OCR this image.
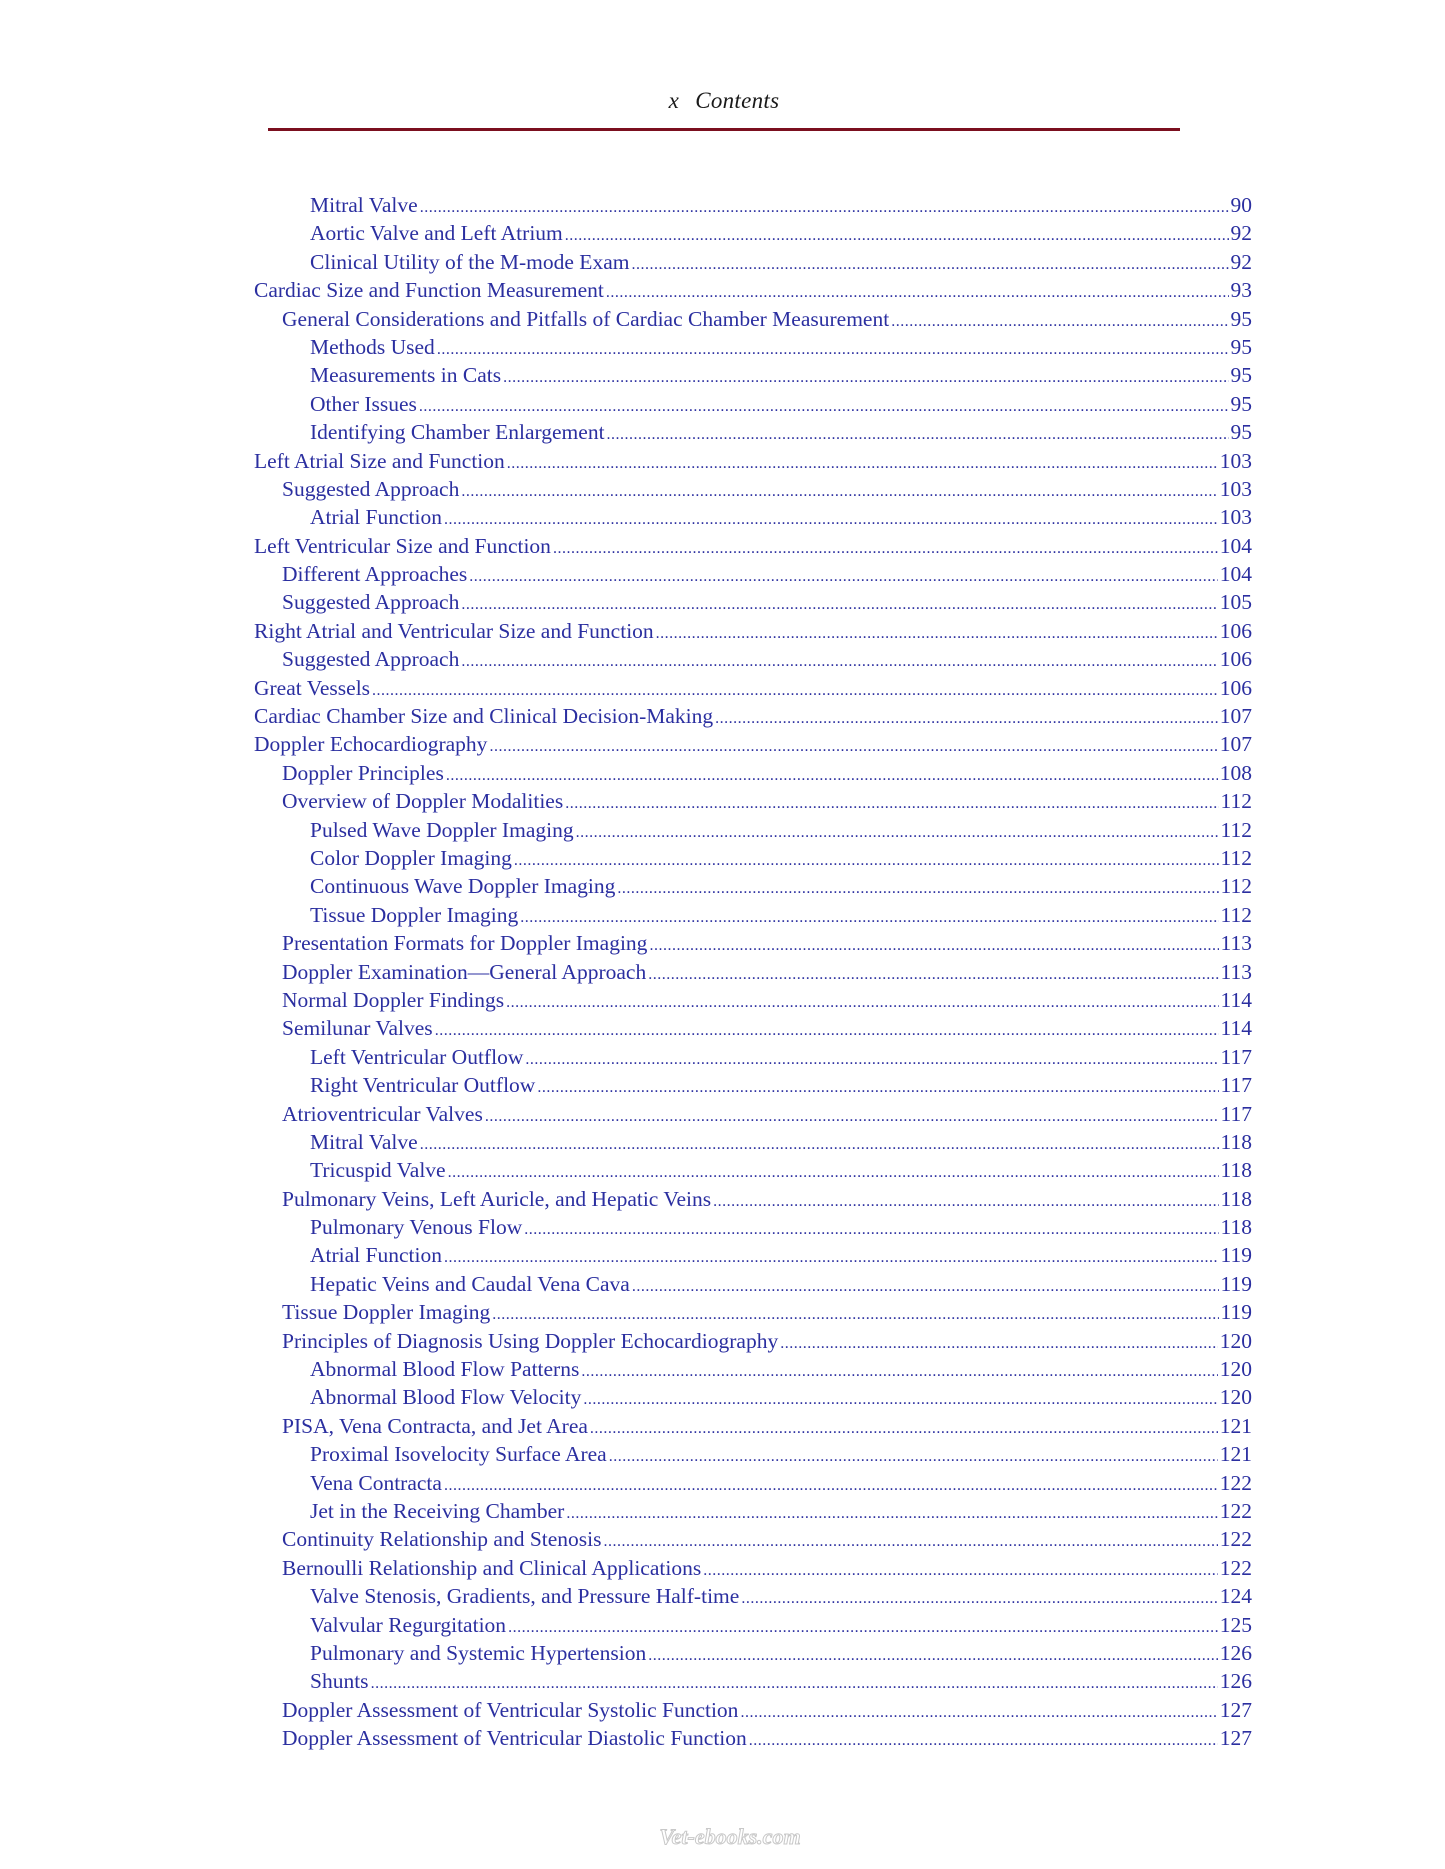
x Contents
Mitral Valve .....	90
Aortic Valve and Left Atrium .....	92
Clinical Utility of the M-mode Exam .....	92
Cardiac Size and Function Measurement .....	93
General Considerations and Pitfalls of Cardiac Chamber Measurement .....	95
Methods Used .....	95
Measurements in Cats .....	95
Other Issues .....	95
Identifying Chamber Enlargement .....	95
Left Atrial Size and Function .....	103
Suggested Approach .....	103
Atrial Function .....	103
Left Ventricular Size and Function .....	104
Different Approaches .....	104
Suggested Approach .....	105
Right Atrial and Ventricular Size and Function .....	106
Suggested Approach .....	106
Great Vessels .....	106
Cardiac Chamber Size and Clinical Decision-Making .....	107
Doppler Echocardiography .....	107
Doppler Principles .....	108
Overview of Doppler Modalities .....	112
Pulsed Wave Doppler Imaging .....	112
Color Doppler Imaging .....	112
Continuous Wave Doppler Imaging .....	112
Tissue Doppler Imaging .....	112
Presentation Formats for Doppler Imaging .....	113
Doppler Examination—General Approach .....	113
Normal Doppler Findings .....	114
Semilunar Valves .....	114
Left Ventricular Outflow .....	117
Right Ventricular Outflow .....	117
Atrioventricular Valves .....	117
Mitral Valve .....	118
Tricuspid Valve .....	118
Pulmonary Veins, Left Auricle, and Hepatic Veins .....	118
Pulmonary Venous Flow .....	118
Atrial Function .....	119
Hepatic Veins and Caudal Vena Cava .....	119
Tissue Doppler Imaging .....	119
Principles of Diagnosis Using Doppler Echocardiography .....	120
Abnormal Blood Flow Patterns .....	120
Abnormal Blood Flow Velocity .....	120
PISA, Vena Contracta, and Jet Area .....	121
Proximal Isovelocity Surface Area .....	121
Vena Contracta .....	122
Jet in the Receiving Chamber .....	122
Continuity Relationship and Stenosis .....	122
Bernoulli Relationship and Clinical Applications .....	122
Valve Stenosis, Gradients, and Pressure Half-time .....	124
Valvular Regurgitation .....	125
Pulmonary and Systemic Hypertension .....	126
Shunts .....	126
Doppler Assessment of Ventricular Systolic Function .....	127
Doppler Assessment of Ventricular Diastolic Function .....	127
Vet-ebooks.com
